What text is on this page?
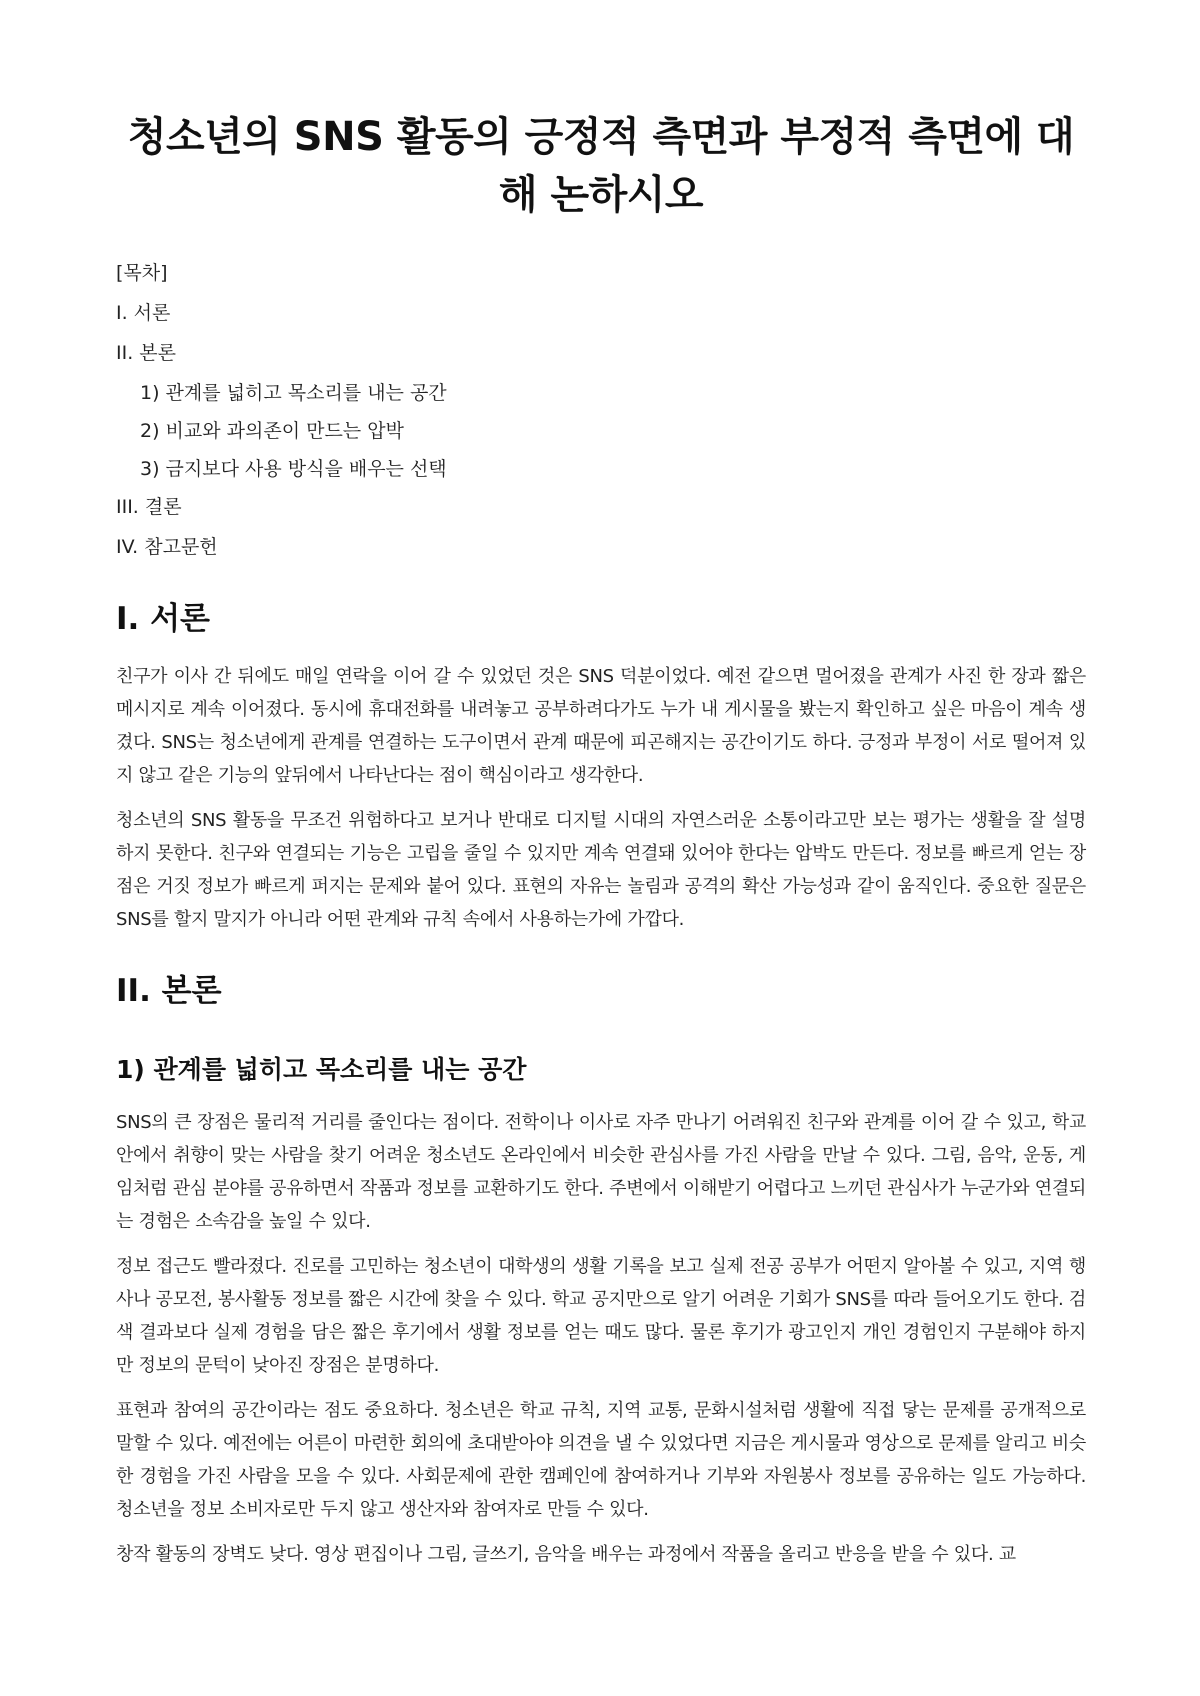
청소년의 SNS 활동의 긍정적 측면과 부정적 측면에 대해 논하시오
[목차]
I. 서론
II. 본론
1) 관계를 넓히고 목소리를 내는 공간
2) 비교와 과의존이 만드는 압박
3) 금지보다 사용 방식을 배우는 선택
III. 결론
IV. 참고문헌
I. 서론

친구가 이사 간 뒤에도 매일 연락을 이어 갈 수 있었던 것은 SNS 덕분이었다. 예전 같으면 멀어졌을 관계가 사진 한 장과 짧은 메시지로 계속 이어졌다. 동시에 휴대전화를 내려놓고 공부하려다가도 누가 내 게시물을 봤는지 확인하고 싶은 마음이 계속 생겼다. SNS는 청소년에게 관계를 연결하는 도구이면서 관계 때문에 피곤해지는 공간이기도 하다. 긍정과 부정이 서로 떨어져 있지 않고 같은 기능의 앞뒤에서 나타난다는 점이 핵심이라고 생각한다.

청소년의 SNS 활동을 무조건 위험하다고 보거나 반대로 디지털 시대의 자연스러운 소통이라고만 보는 평가는 생활을 잘 설명하지 못한다. 친구와 연결되는 기능은 고립을 줄일 수 있지만 계속 연결돼 있어야 한다는 압박도 만든다. 정보를 빠르게 얻는 장점은 거짓 정보가 빠르게 퍼지는 문제와 붙어 있다. 표현의 자유는 놀림과 공격의 확산 가능성과 같이 움직인다. 중요한 질문은 SNS를 할지 말지가 아니라 어떤 관계와 규칙 속에서 사용하는가에 가깝다.

II. 본론
1) 관계를 넓히고 목소리를 내는 공간

SNS의 큰 장점은 물리적 거리를 줄인다는 점이다. 전학이나 이사로 자주 만나기 어려워진 친구와 관계를 이어 갈 수 있고, 학교 안에서 취향이 맞는 사람을 찾기 어려운 청소년도 온라인에서 비슷한 관심사를 가진 사람을 만날 수 있다. 그림, 음악, 운동, 게임처럼 관심 분야를 공유하면서 작품과 정보를 교환하기도 한다. 주변에서 이해받기 어렵다고 느끼던 관심사가 누군가와 연결되는 경험은 소속감을 높일 수 있다.

정보 접근도 빨라졌다. 진로를 고민하는 청소년이 대학생의 생활 기록을 보고 실제 전공 공부가 어떤지 알아볼 수 있고, 지역 행사나 공모전, 봉사활동 정보를 짧은 시간에 찾을 수 있다. 학교 공지만으로 알기 어려운 기회가 SNS를 따라 들어오기도 한다. 검색 결과보다 실제 경험을 담은 짧은 후기에서 생활 정보를 얻는 때도 많다. 물론 후기가 광고인지 개인 경험인지 구분해야 하지만 정보의 문턱이 낮아진 장점은 분명하다.

표현과 참여의 공간이라는 점도 중요하다. 청소년은 학교 규칙, 지역 교통, 문화시설처럼 생활에 직접 닿는 문제를 공개적으로 말할 수 있다. 예전에는 어른이 마련한 회의에 초대받아야 의견을 낼 수 있었다면 지금은 게시물과 영상으로 문제를 알리고 비슷한 경험을 가진 사람을 모을 수 있다. 사회문제에 관한 캠페인에 참여하거나 기부와 자원봉사 정보를 공유하는 일도 가능하다. 청소년을 정보 소비자로만 두지 않고 생산자와 참여자로 만들 수 있다.

창작 활동의 장벽도 낮다. 영상 편집이나 그림, 글쓰기, 음악을 배우는 과정에서 작품을 올리고 반응을 받을 수 있다. 교
